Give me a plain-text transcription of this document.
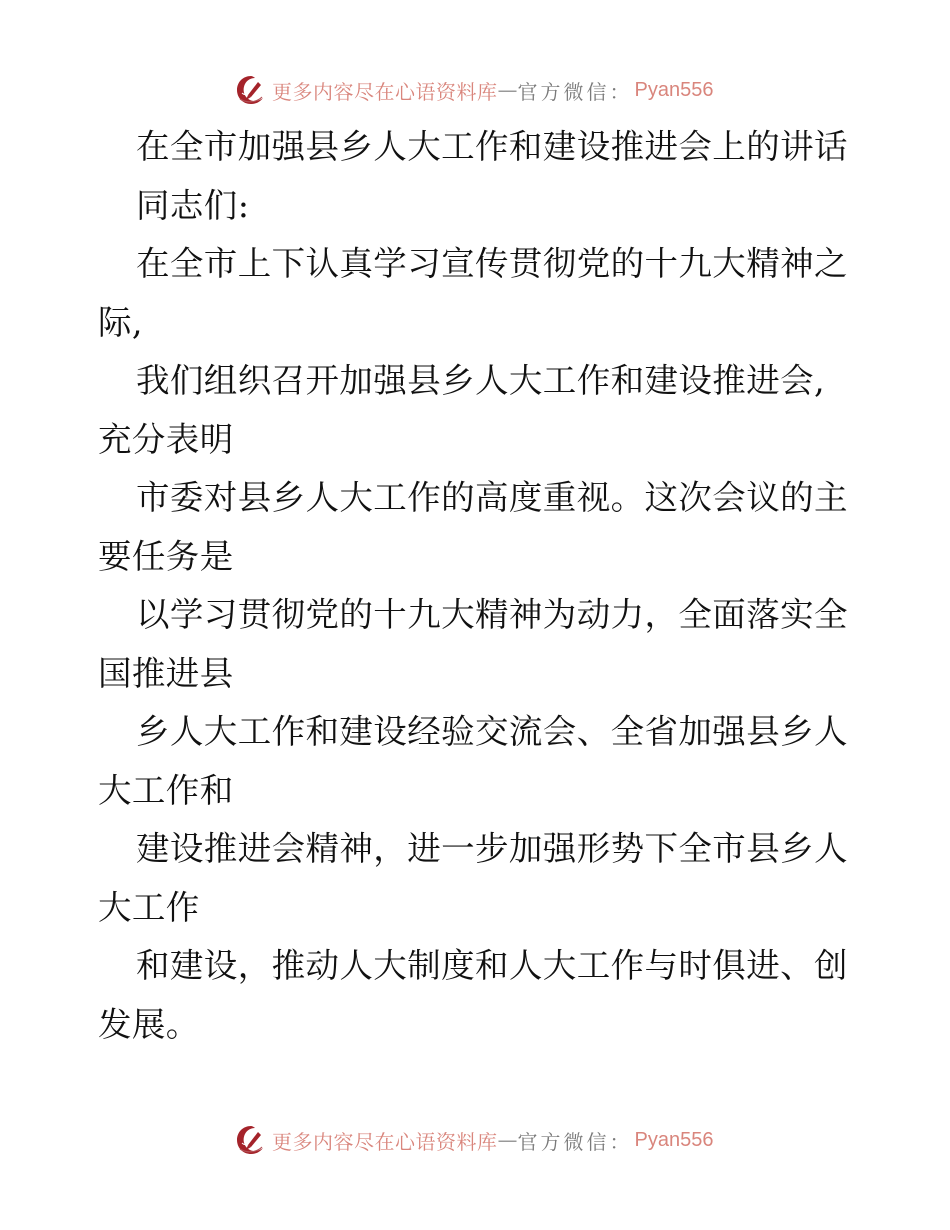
更多内容尽在心语资料库 — 官方微信： Pyan556
在全市加强县乡人大工作和建设推进会上的讲话
同志们:
在全市上下认真学习宣传贯彻党的十九大精神之
际,
我们组织召开加强县乡人大工作和建设推进会,
充分表明
市委对县乡人大工作的高度重视。这次会议的主
要任务是
以学习贯彻党的十九大精神为动力，全面落实全
国推进县
乡人大工作和建设经验交流会、全省加强县乡人
大工作和
建设推进会精神，进一步加强形势下全市县乡人
大工作
和建设，推动人大制度和人大工作与时俱进、创
发展。
更多内容尽在心语资料库 — 官方微信： Pyan556
